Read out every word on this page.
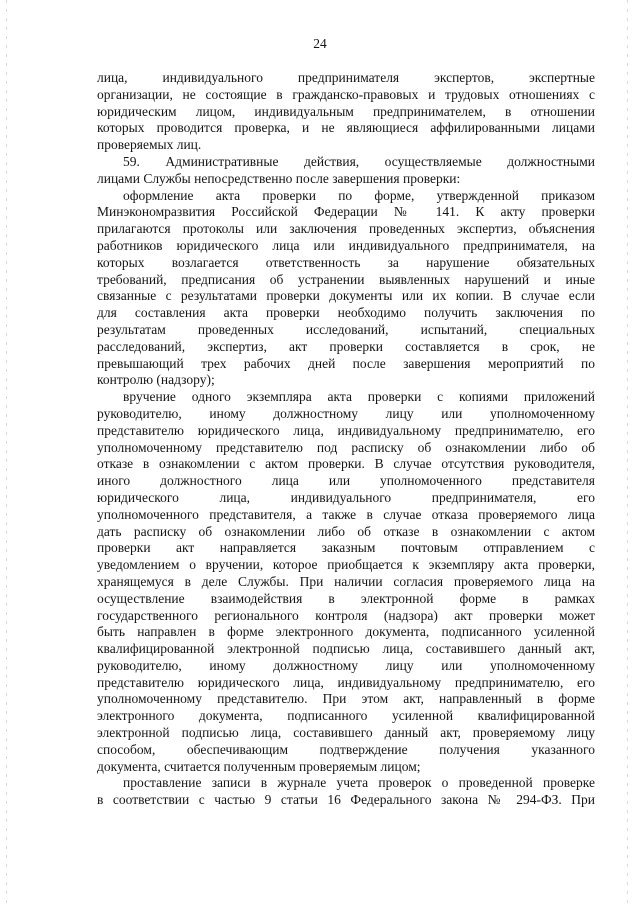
24
лица, индивидуального предпринимателя экспертов, экспертные
организации, не состоящие в гражданско-правовых и трудовых отношениях с
юридическим лицом, индивидуальным предпринимателем, в отношении
которых проводится проверка, и не являющиеся аффилированными лицами
проверяемых лиц.
59. Административные действия, осуществляемые должностными
лицами Службы непосредственно после завершения проверки:
оформление акта проверки по форме, утвержденной приказом
Минэкономразвития Российской Федерации № 141. К акту проверки
прилагаются протоколы или заключения проведенных экспертиз, объяснения
работников юридического лица или индивидуального предпринимателя, на
которых возлагается ответственность за нарушение обязательных
требований, предписания об устранении выявленных нарушений и иные
связанные с результатами проверки документы или их копии. В случае если
для составления акта проверки необходимо получить заключения по
результатам проведенных исследований, испытаний, специальных
расследований, экспертиз, акт проверки составляется в срок, не
превышающий трех рабочих дней после завершения мероприятий по
контролю (надзору);
вручение одного экземпляра акта проверки с копиями приложений
руководителю, иному должностному лицу или уполномоченному
представителю юридического лица, индивидуальному предпринимателю, его
уполномоченному представителю под расписку об ознакомлении либо об
отказе в ознакомлении с актом проверки. В случае отсутствия руководителя,
иного должностного лица или уполномоченного представителя
юридического лица, индивидуального предпринимателя, его
уполномоченного представителя, а также в случае отказа проверяемого лица
дать расписку об ознакомлении либо об отказе в ознакомлении с актом
проверки акт направляется заказным почтовым отправлением с
уведомлением о вручении, которое приобщается к экземпляру акта проверки,
хранящемуся в деле Службы. При наличии согласия проверяемого лица на
осуществление взаимодействия в электронной форме в рамках
государственного регионального контроля (надзора) акт проверки может
быть направлен в форме электронного документа, подписанного усиленной
квалифицированной электронной подписью лица, составившего данный акт,
руководителю, иному должностному лицу или уполномоченному
представителю юридического лица, индивидуальному предпринимателю, его
уполномоченному представителю. При этом акт, направленный в форме
электронного документа, подписанного усиленной квалифицированной
электронной подписью лица, составившего данный акт, проверяемому лицу
способом, обеспечивающим подтверждение получения указанного
документа, считается полученным проверяемым лицом;
проставление записи в журнале учета проверок о проведенной проверке
в соответствии с частью 9 статьи 16 Федерального закона № 294-ФЗ. При
